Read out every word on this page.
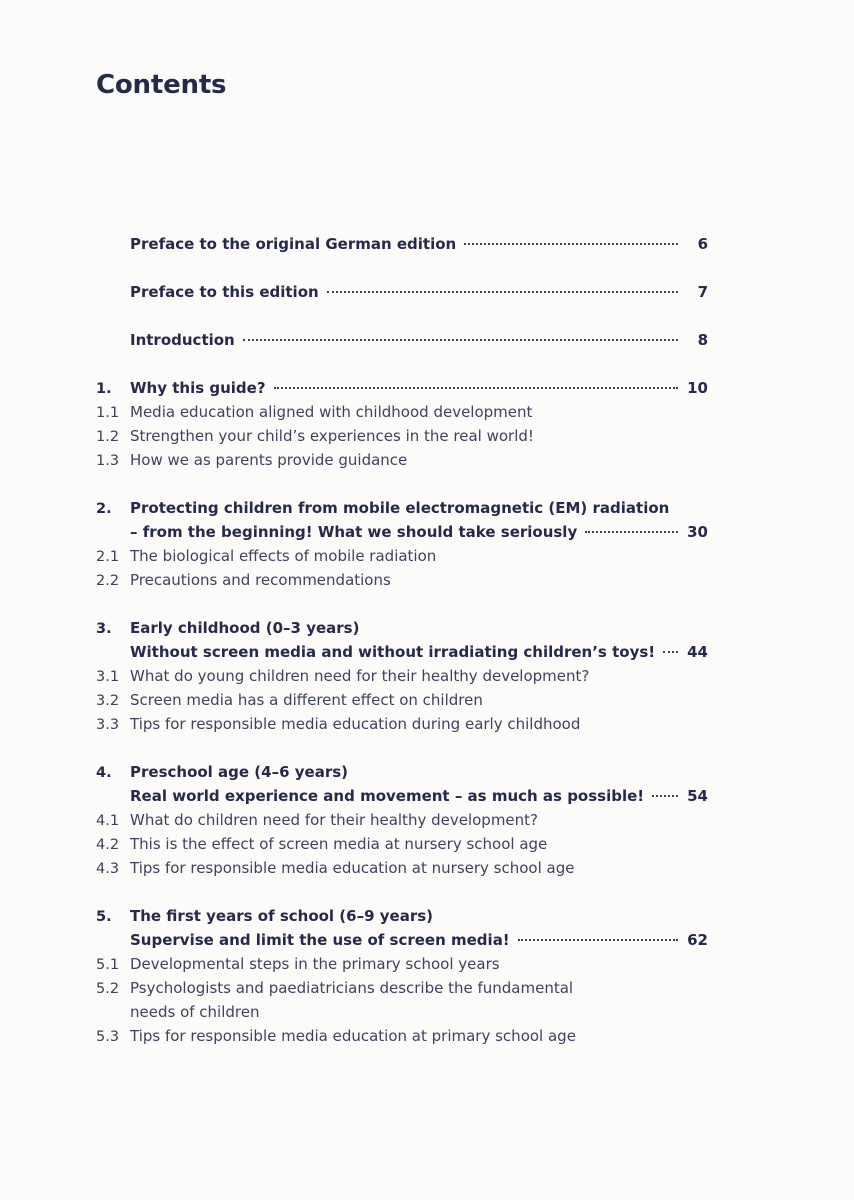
Contents
Preface to the original German edition	6
Preface to this edition	7
Introduction	8
1.	Why this guide?	10
1.1 Media education aligned with childhood development
1.2 Strengthen your child’s experiences in the real world!
1.3 How we as parents provide guidance
2.	Protecting children from mobile electromagnetic (EM) radiation
– from the beginning! What we should take seriously	30
2.1 The biological effects of mobile radiation
2.2 Precautions and recommendations
3.	Early childhood (0–3 years)
Without screen media and without irradiating children’s toys! 44
3.1 What do young children need for their healthy development?
3.2 Screen media has a different effect on children
3.3 Tips for responsible media education during early childhood
4.	Preschool age (4–6 years)
Real world experience and movement – as much as possible!	54
4.1 What do children need for their healthy development?
4.2 This is the effect of screen media at nursery school age
4.3 Tips for responsible media education at nursery school age
5.	The first years of school (6–9 years)
Supervise and limit the use of screen media!	62
5.1 Developmental steps in the primary school years
5.2 Psychologists and paediatricians describe the fundamental
needs of children
5.3 Tips for responsible media education at primary school age
